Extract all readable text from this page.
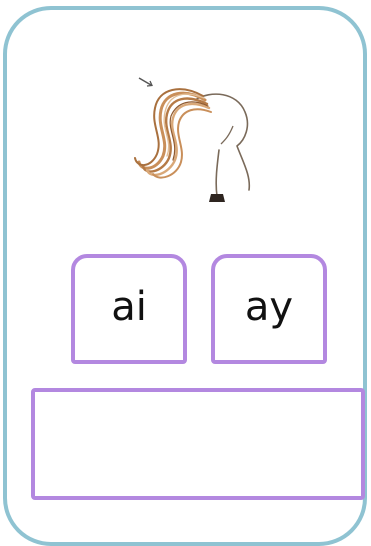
ai ay
